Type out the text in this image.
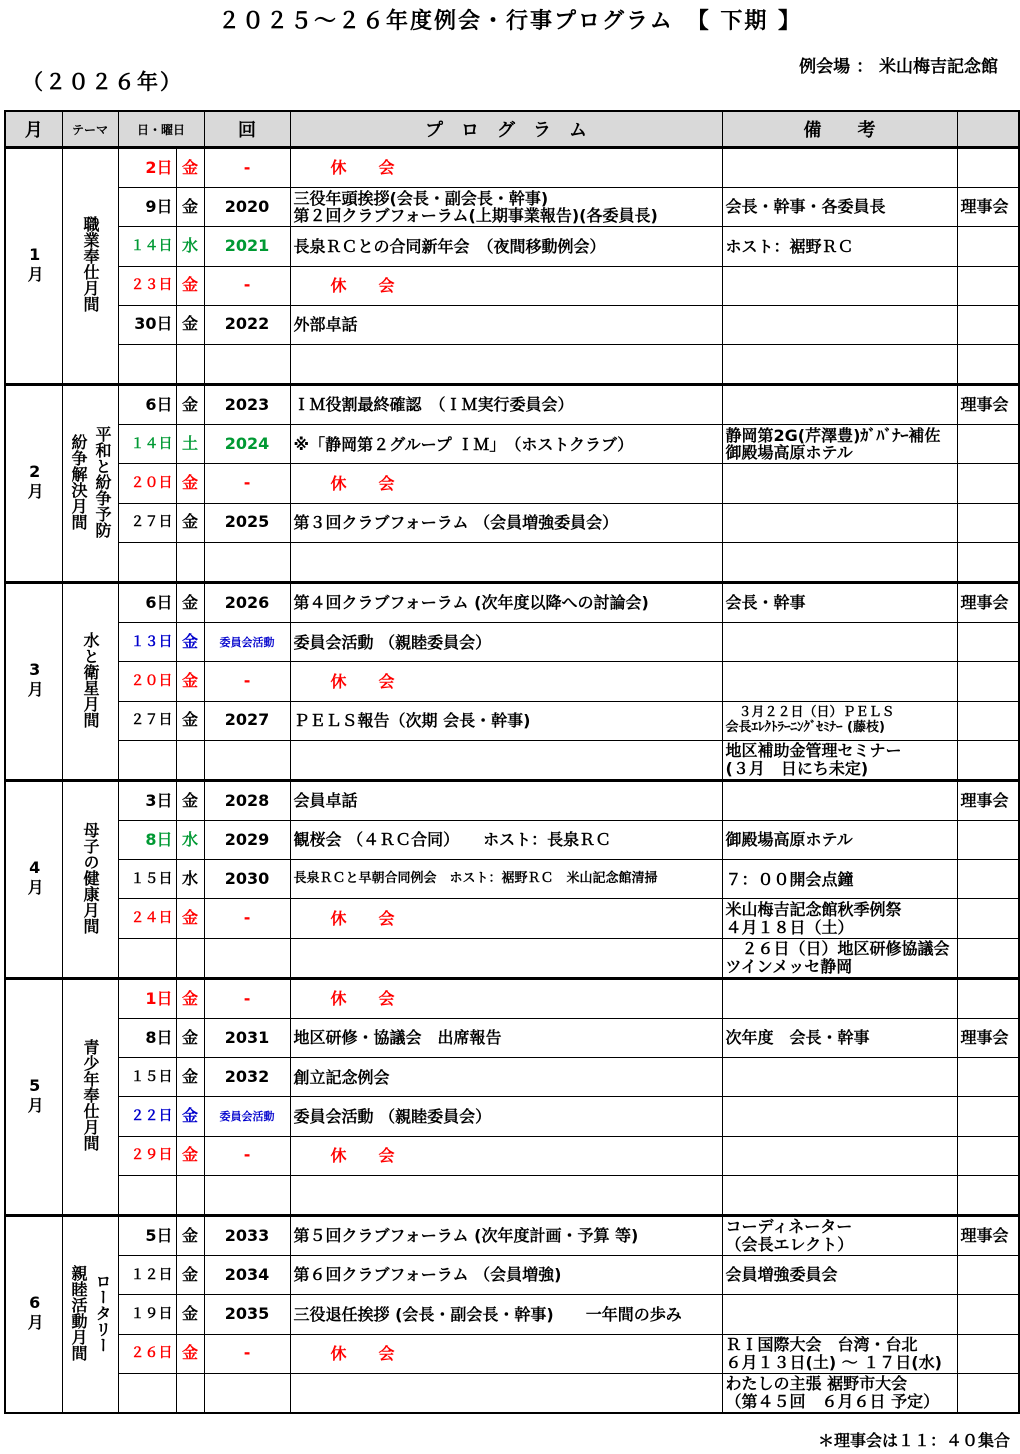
２０２５～２６年度例会・行事プログラム　【 下期 】
例会場 ： 米山梅吉記念館
（２０２６年）
月	テーマ	日・曜日		回	プ　ロ　グ　ラ　ム	備　　考	
1月	職業奉仕月間	2日	金	-	休　　会		

		9日	金	2020	三役年頭挨拶(会長・副会長・幹事)
第２回クラブフォーラム(上期事業報告)(各委員長)	会長・幹事・各委員長	理事会
		１４日	水	2021	長泉ＲＣとの合同新年会　（夜間移動例会）	ホスト：裾野ＲＣ	

		２３日	金	-	休　　会		

		30日	金	2022	外部卓話		

2月	平和と紛争予防
紛争解決月間	6日	金	2023	ＩＭ役割最終確認　（ＩＭ実行委員会）		理事会
		１４日	土	2024	※「静岡第２グループ ＩＭ」　（ホストクラブ）	静岡第2G(芹澤豊)ｶﾞﾊﾞﾅｰ補佐
御殿場高原ホテル	

		２０日	金	-	休　　会		

		２７日	金	2025	第３回クラブフォーラム （会員増強委員会）		

3月	水と衛星月間	6日	金	2026	第４回クラブフォーラム (次年度以降への討論会)	会長・幹事	理事会
		１３日	金	委員会活動	委員会活動 （親睦委員会）		

		２０日	金	-	休　　会		

		２７日	金	2027	ＰＥＬＳ報告（次期 会長・幹事)	　３月２２日（日）ＰＥＬＳ
会長ｴﾚｸﾄﾗｰﾆﾝｸﾞｾﾐﾅｰ (藤枝)	

						地区補助金管理セミナー
(３月　日にち未定)	

4月	母子の健康月間	3日	金	2028	会員卓話		理事会
		8日	水	2029	観桜会 （４ＲＣ合同）　　ホスト：長泉ＲＣ	御殿場高原ホテル	

		１５日	水	2030	長泉ＲＣと早朝合同例会　ホスト：裾野ＲＣ　米山記念館清掃	７：００開会点鐘	

		２４日	金	-	休　　会	米山梅吉記念館秋季例祭
４月１８日（土）	

						　２６日（日）地区研修協議会
ツインメッセ静岡	

5月	青少年奉仕月間	1日	金	-	休　　会		

		8日	金	2031	地区研修・協議会　出席報告	次年度　会長・幹事	理事会
		１５日	金	2032	創立記念例会		

		２２日	金	委員会活動	委員会活動 （親睦委員会）		

		２９日	金	-	休　　会		

6月	ロータリー
親睦活動月間	5日	金	2033	第５回クラブフォーラム (次年度計画・予算 等)	コーディネーター
（会長エレクト）	理事会
		１２日	金	2034	第６回クラブフォーラム （会員増強)	会員増強委員会	

		１９日	金	2035	三役退任挨拶 (会長・副会長・幹事)　　一年間の歩み		

		２６日	金	-	休　　会	ＲＩ国際大会　台湾・台北
６月１３日(土) ～ １７日(水)	

						わたしの主張 裾野市大会
（第４５回　６月６日 予定）	

＊理事会は１１：４０集合
